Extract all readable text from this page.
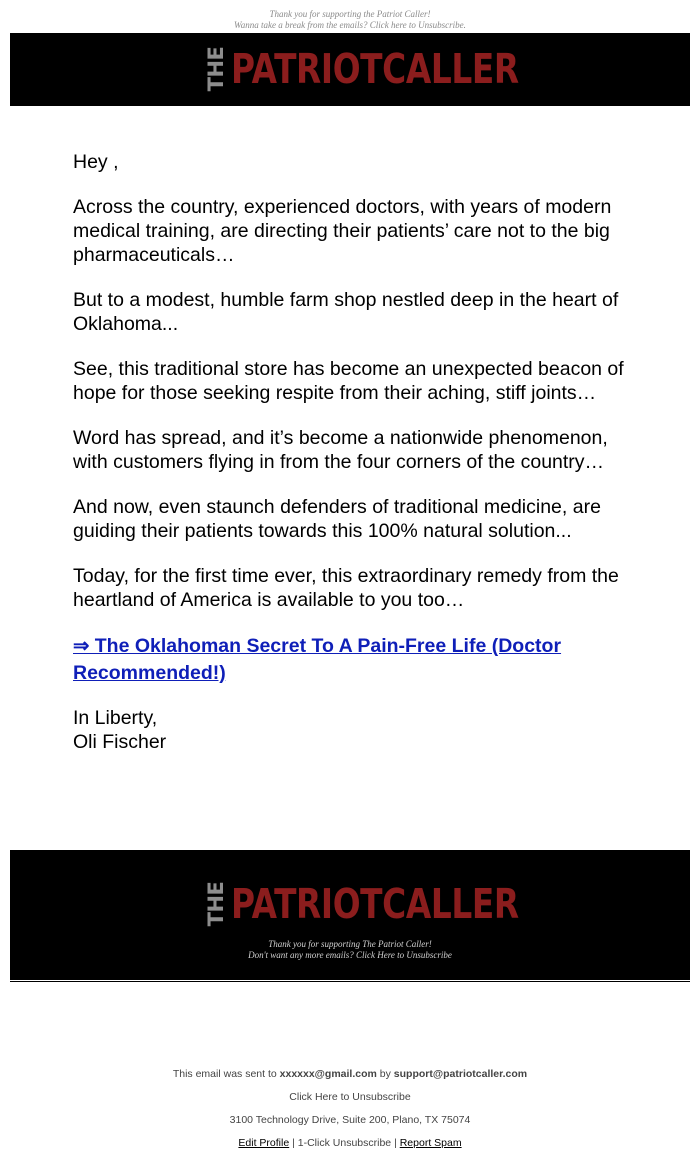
Thank you for supporting the Patriot Caller!
Wanna take a break from the emails? Click here to Unsubscribe.
THE PATRIOTCALLER

Hey ,

Across the country, experienced doctors, with years of modern medical training, are directing their patients’ care not to the big pharmaceuticals…

But to a modest, humble farm shop nestled deep in the heart of Oklahoma...

See, this traditional store has become an unexpected beacon of hope for those seeking respite from their aching, stiff joints…

Word has spread, and it’s become a nationwide phenomenon, with customers flying in from the four corners of the country…

And now, even staunch defenders of traditional medicine, are guiding their patients towards this 100% natural solution...

Today, for the first time ever, this extraordinary remedy from the heartland of America is available to you too…

⇒ The Oklahoman Secret To A Pain-Free Life (Doctor Recommended!)

In Liberty,
Oli Fischer

THE PATRIOTCALLER
Thank you for supporting The Patriot Caller!
Don't want any more emails? Click Here to Unsubscribe
This email was sent to xxxxxx@gmail.com by support@patriotcaller.com
Click Here to Unsubscribe
3100 Technology Drive, Suite 200, Plano, TX 75074
Edit Profile | 1-Click Unsubscribe | Report Spam
